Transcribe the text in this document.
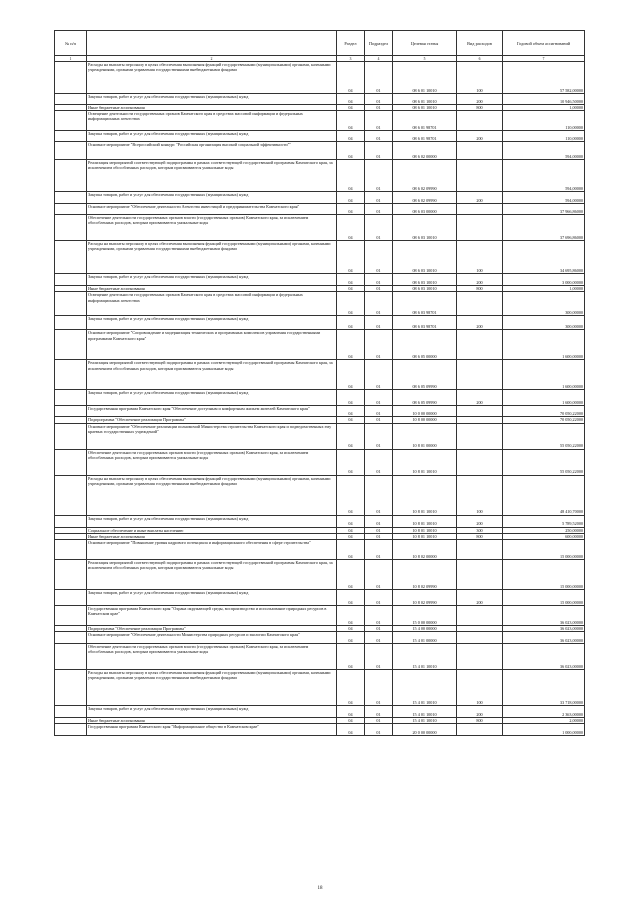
№ п/п		Раздел	Подраздел	Целевая статья	Вид расходов	Годовой объем ассигнований
1	2	3	4	5	6	7
	Расходы на выплаты персоналу в целях обеспечения выполнения функций государственными (муниципальными) органами, казенными учреждениями, органами управления государственными внебюджетными фондами	04	01	08 6 01 10010	100	57 582,00000
	Закупка товаров, работ и услуг для обеспечения государственных (муниципальных) нужд	04	01	08 6 01 10010	200	10 946,50000
	Иные бюджетные ассигнования	04	01	08 6 01 10010	800	1,00000
	Освещение деятельности государственных органов Камчатского края в средствах массовой информации и федеральных информационных агентствах	04	01	08 6 01 98701		110,00000
	Закупка товаров, работ и услуг для обеспечения государственных (муниципальных) нужд	04	01	08 6 01 98701	200	110,00000
	Основное мероприятие "Всероссийский конкурс "Российская организация высокой социальной эффективности""	04	01	08 6 02 00000		594,00000
	Реализация мероприятий соответствующей подпрограммы в рамках соответствующей государственной программы Камчатского края, за исключением обособленных расходов, которым присваиваются уникальные коды	04	01	08 6 02 09990		594,00000
	Закупка товаров, работ и услуг для обеспечения государственных (муниципальных) нужд	04	01	08 6 02 09990	200	594,00000
	Основное мероприятие "Обеспечение деятельности Агентства инвестиций и предпринимательства Камчатского края"	04	01	08 6 03 00000		37 966,86000
	Обеспечение деятельности государственных органов власти (государственных органов) Камчатского края, за исключением обособленных расходов, которым присваиваются уникальные коды	04	01	08 6 03 10010		37 696,86000
	Расходы на выплаты персоналу в целях обеспечения выполнения функций государственными (муниципальными) органами, казенными учреждениями, органами управления государственными внебюджетными фондами	04	01	08 6 03 10010	100	34 695,86000
	Закупка товаров, работ и услуг для обеспечения государственных (муниципальных) нужд	04	01	08 6 03 10010	200	3 000,00000
	Иные бюджетные ассигнования	04	01	08 6 03 10010	800	1,00000
	Освещение деятельности государственных органов Камчатского края в средствах массовой информации и федеральных информационных агентствах	04	01	08 6 03 98701		300,00000
	Закупка товаров, работ и услуг для обеспечения государственных (муниципальных) нужд	04	01	08 6 03 98701	200	300,00000
	Основное мероприятие "Сопровождение и модернизация технических и программных комплексов управления государственными программами Камчатского края"	04	01	08 6 05 00000		1 600,00000
	Реализация мероприятий соответствующей подпрограммы в рамках соответствующей государственной программы Камчатского края, за исключением обособленных расходов, которым присваиваются уникальные коды	04	01	08 6 05 09990		1 600,00000
	Закупка товаров, работ и услуг для обеспечения государственных (муниципальных) нужд	04	01	08 6 05 09990	200	1 600,00000
	Государственная программа Камчатского края "Обеспечение доступным и комфортным жильем жителей Камчатского края"	04	01	10 0 00 00000		70 050,22000
	Подпрограмма "Обеспечение реализации Программы"	04	01	10 8 00 00000		70 050,22000
	Основное мероприятие "Обеспечение реализации полномочий Министерства строительства Камчатского края и подведомственных ему краевых государственных учреждений"	04	01	10 8 01 00000		55 050,22000
	Обеспечение деятельности государственных органов власти (государственных органов) Камчатского края, за исключением обособленных расходов, которым присваиваются уникальные коды	04	01	10 8 01 10010		55 050,22000
	Расходы на выплаты персоналу в целях обеспечения выполнения функций государственными (муниципальными) органами, казенными учреждениями, органами управления государственными внебюджетными фондами	04	01	10 8 01 10010	100	48 410,70000
	Закупка товаров, работ и услуг для обеспечения государственных (муниципальных) нужд	04	01	10 8 01 10010	200	5 789,52000
	Социальное обеспечение и иные выплаты населению	04	01	10 8 01 10010	300	250,00000
	Иные бюджетные ассигнования	04	01	10 8 01 10010	800	600,00000
	Основное мероприятие "Повышение уровня кадрового потенциала и информационного обеспечения в сфере строительства"	04	01	10 8 02 00000		15 000,00000
	Реализация мероприятий соответствующей подпрограммы в рамках соответствующей государственной программы Камчатского края, за исключением обособленных расходов, которым присваиваются уникальные коды	04	01	10 8 02 09990		15 000,00000
	Закупка товаров, работ и услуг для обеспечения государственных (муниципальных) нужд	04	01	10 8 02 09990	200	15 000,00000
	Государственная программа Камчатского края "Охрана окружающей среды, воспроизводство и использование природных ресурсов в Камчатском крае"	04	01	15 0 00 00000		36 023,00000
	Подпрограмма "Обеспечение реализации Программы"	04	01	15 4 00 00000		36 023,00000
	Основное мероприятие "Обеспечение деятельности Министерства природных ресурсов и экологии Камчатского края"	04	01	15 4 01 00000		36 023,00000
	Обеспечение деятельности государственных органов власти (государственных органов) Камчатского края, за исключением обособленных расходов, которым присваиваются уникальные коды	04	01	15 4 01 10010		36 023,00000
	Расходы на выплаты персоналу в целях обеспечения выполнения функций государственными (муниципальными) органами, казенными учреждениями, органами управления государственными внебюджетными фондами	04	01	15 4 01 10010	100	33 718,00000
	Закупка товаров, работ и услуг для обеспечения государственных (муниципальных) нужд	04	01	15 4 01 10010	200	2 363,00000
	Иные бюджетные ассигнования	04	01	15 4 01 10010	800	2,00000
	Государственная программа Камчатского края "Информационное общество в Камчатском крае"	04	01	20 0 00 00000		1 000,00000
18
